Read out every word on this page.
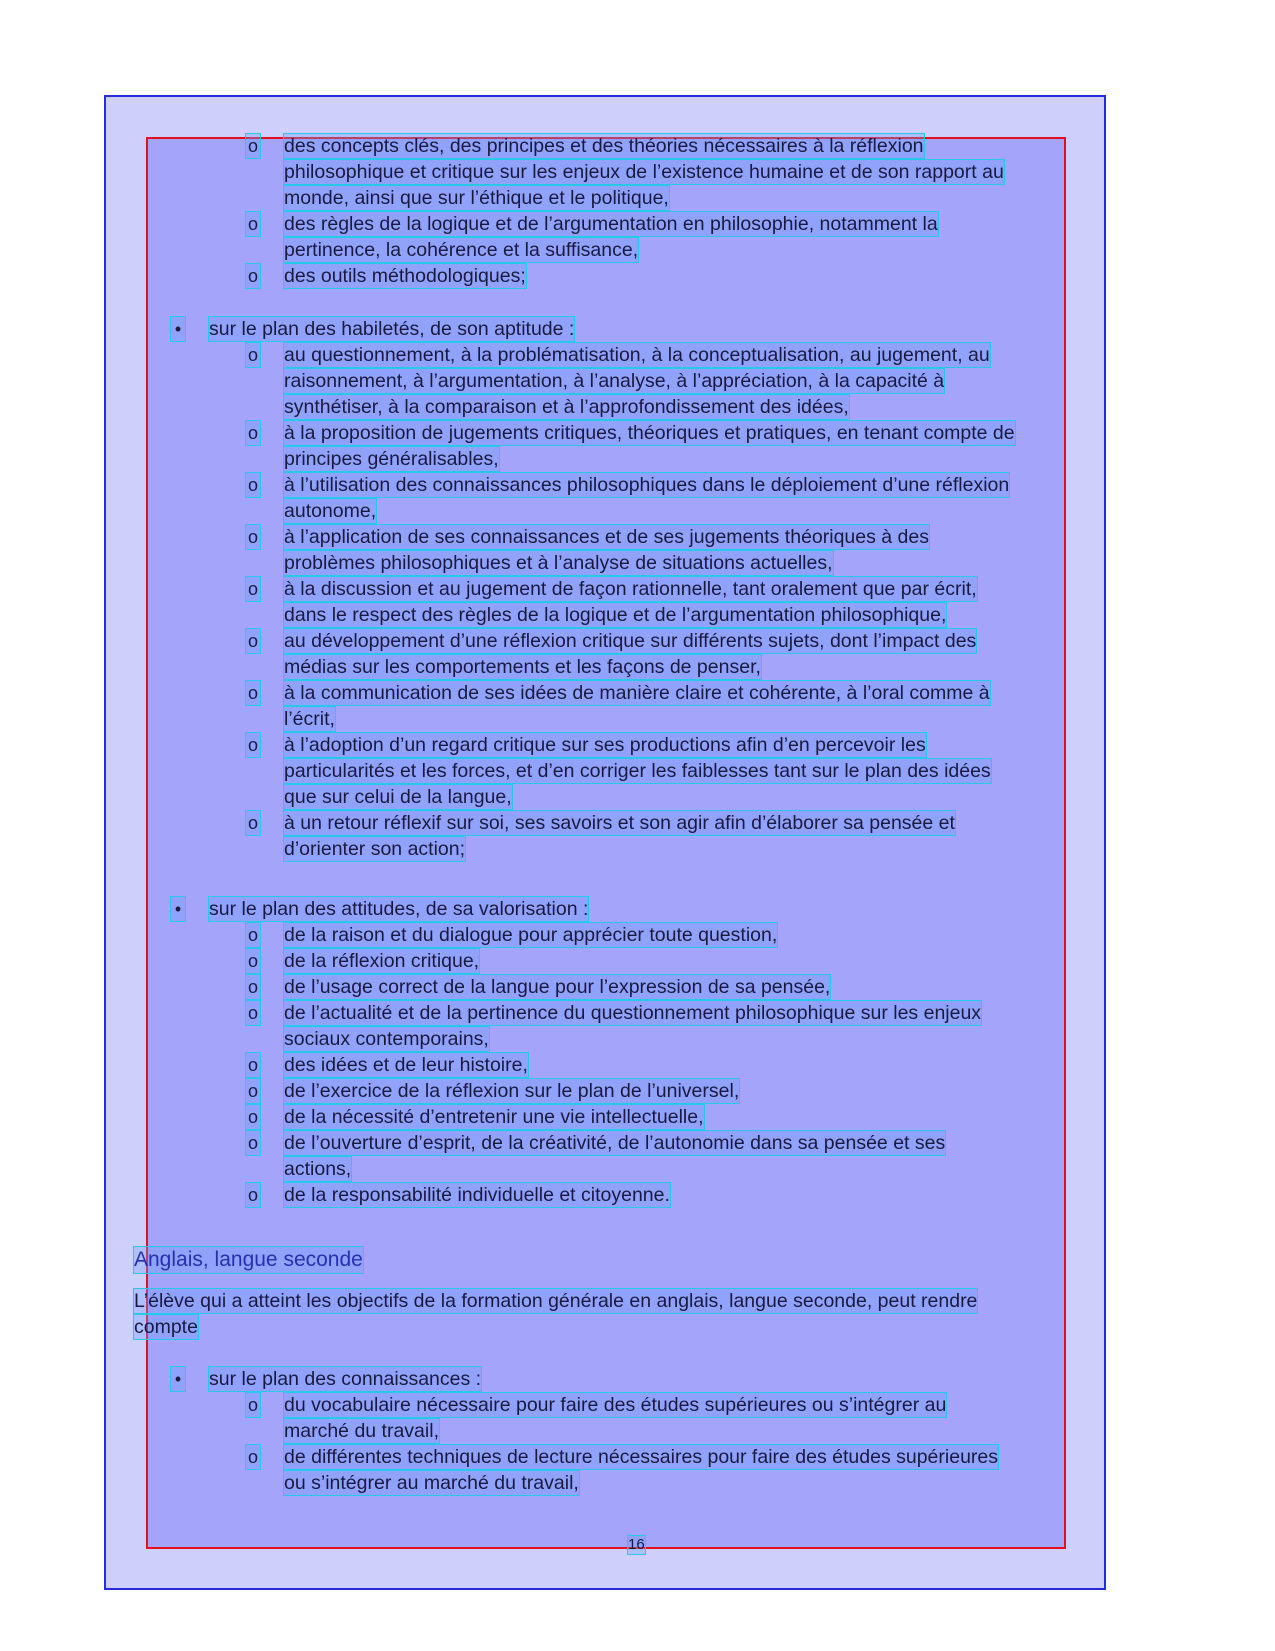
Anglais, langue seconde
L’élève qui a atteint les objectifs de la formation générale en anglais, langue seconde, peut rendre
compte
16
o des concepts clés, des principes et des théories nécessaires à la réflexion
philosophique et critique sur les enjeux de l’existence humaine et de son rapport au
monde, ainsi que sur l’éthique et le politique,
o des règles de la logique et de l’argumentation en philosophie, notamment la
pertinence, la cohérence et la suffisance,
o des outils méthodologiques;
• sur le plan des habiletés, de son aptitude :
o au questionnement, à la problématisation, à la conceptualisation, au jugement, au
raisonnement, à l’argumentation, à l’analyse, à l’appréciation, à la capacité à
synthétiser, à la comparaison et à l’approfondissement des idées,
o à la proposition de jugements critiques, théoriques et pratiques, en tenant compte de
principes généralisables,
o à l’utilisation des connaissances philosophiques dans le déploiement d’une réflexion
autonome,
o à l’application de ses connaissances et de ses jugements théoriques à des
problèmes philosophiques et à l’analyse de situations actuelles,
o à la discussion et au jugement de façon rationnelle, tant oralement que par écrit,
dans le respect des règles de la logique et de l’argumentation philosophique,
o au développement d’une réflexion critique sur différents sujets, dont l’impact des
médias sur les comportements et les façons de penser,
o à la communication de ses idées de manière claire et cohérente, à l’oral comme à
l’écrit,
o à l’adoption d’un regard critique sur ses productions afin d’en percevoir les
particularités et les forces, et d’en corriger les faiblesses tant sur le plan des idées
que sur celui de la langue,
o à un retour réflexif sur soi, ses savoirs et son agir afin d’élaborer sa pensée et
d’orienter son action;
• sur le plan des attitudes, de sa valorisation :
o de la raison et du dialogue pour apprécier toute question,
o de la réflexion critique,
o de l’usage correct de la langue pour l’expression de sa pensée,
o de l’actualité et de la pertinence du questionnement philosophique sur les enjeux
sociaux contemporains,
o des idées et de leur histoire,
o de l’exercice de la réflexion sur le plan de l’universel,
o de la nécessité d’entretenir une vie intellectuelle,
o de l’ouverture d’esprit, de la créativité, de l’autonomie dans sa pensée et ses
actions,
o de la responsabilité individuelle et citoyenne.
• sur le plan des connaissances :
o du vocabulaire nécessaire pour faire des études supérieures ou s’intégrer au
marché du travail,
o de différentes techniques de lecture nécessaires pour faire des études supérieures
ou s’intégrer au marché du travail,
